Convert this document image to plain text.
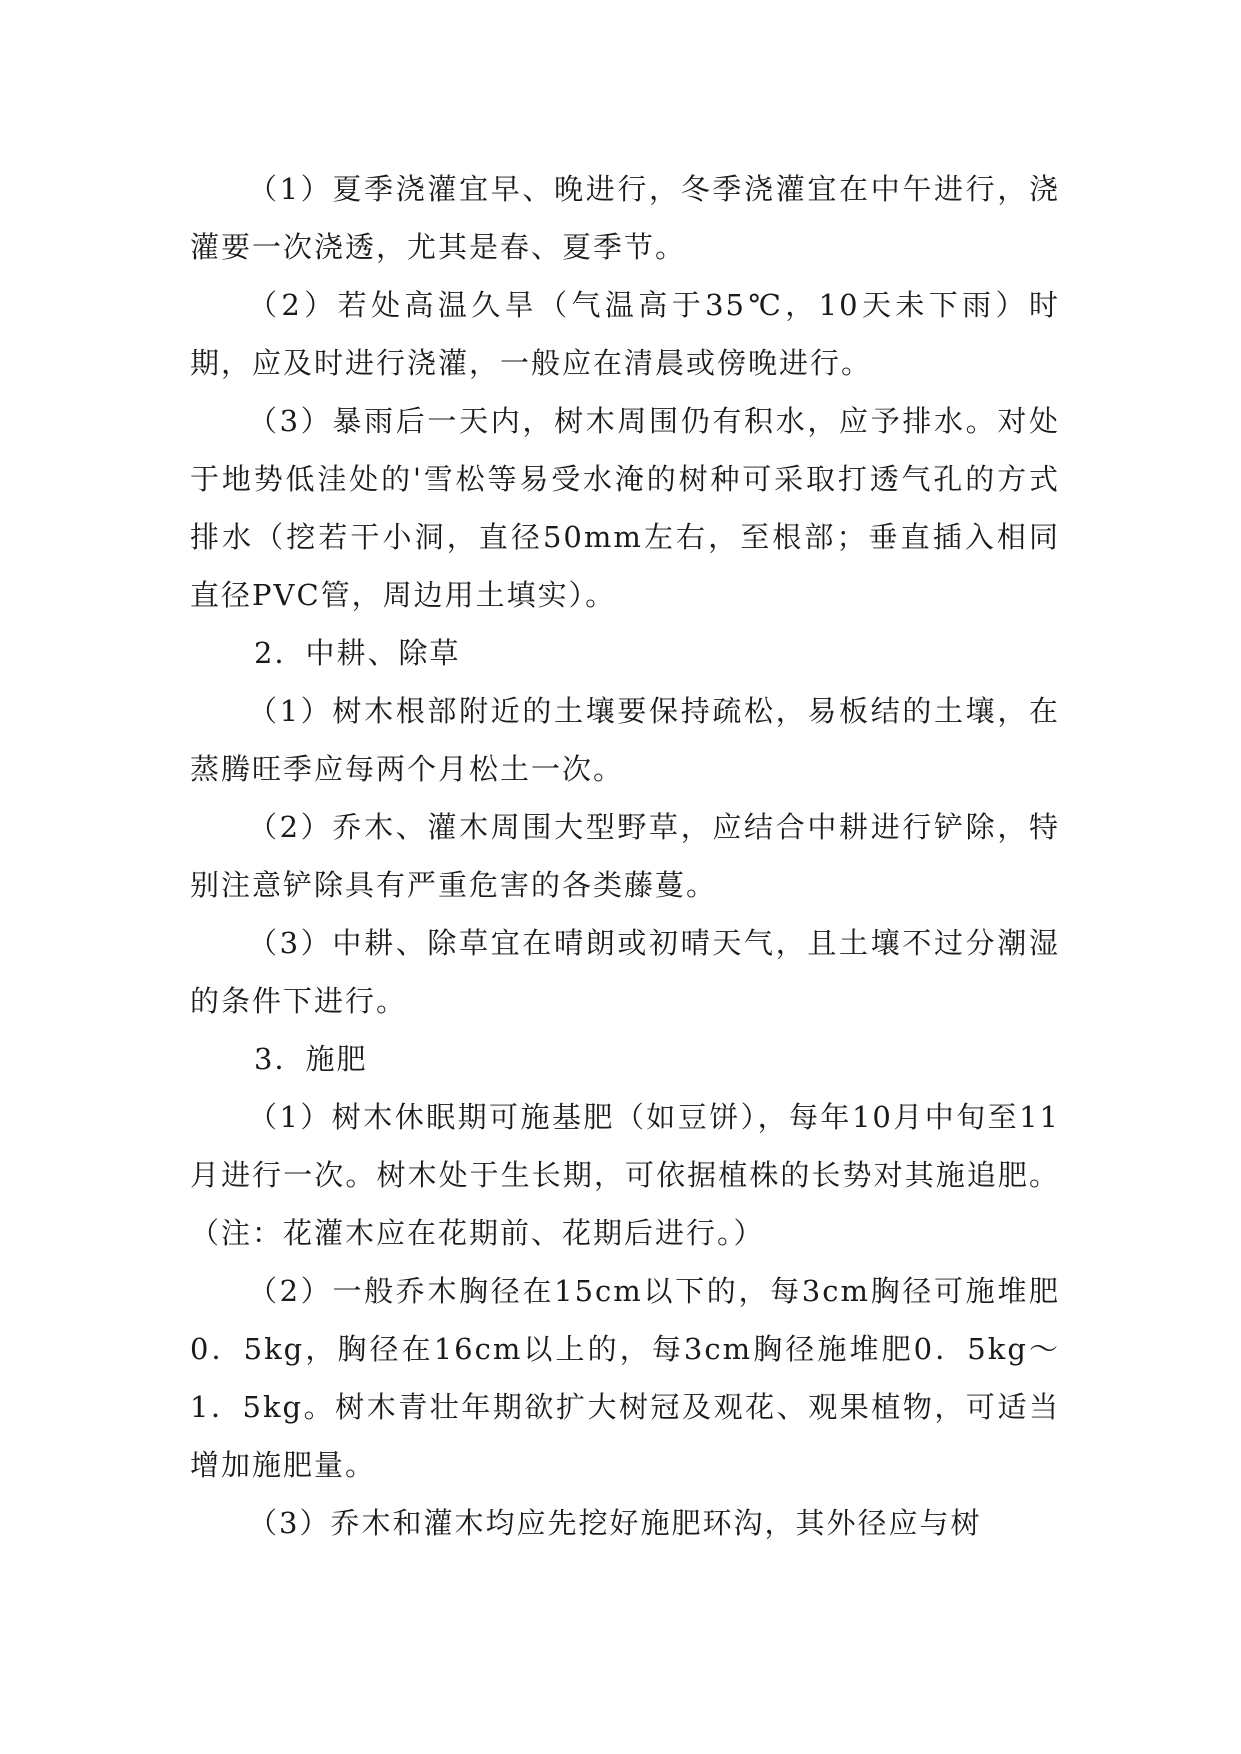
（1）夏季浇灌宜早、晚进行，冬季浇灌宜在中午进行，浇灌要一次浇透，尤其是春、夏季节。

（2）若处高温久旱（气温高于35℃，10天未下雨）时期，应及时进行浇灌，一般应在清晨或傍晚进行。

（3）暴雨后一天内，树木周围仍有积水，应予排水。对处于地势低洼处的'雪松等易受水淹的树种可采取打透气孔的方式排水（挖若干小洞，直径50mm左右，至根部；垂直插入相同直径PVC管，周边用土填实）。

2．中耕、除草

（1）树木根部附近的土壤要保持疏松，易板结的土壤，在蒸腾旺季应每两个月松土一次。

（2）乔木、灌木周围大型野草，应结合中耕进行铲除，特别注意铲除具有严重危害的各类藤蔓。

（3）中耕、除草宜在晴朗或初晴天气，且土壤不过分潮湿的条件下进行。

3．施肥

（1）树木休眠期可施基肥（如豆饼），每年10月中旬至11月进行一次。树木处于生长期，可依据植株的长势对其施追肥。（注：花灌木应在花期前、花期后进行。）

（2）一般乔木胸径在15cm以下的，每3cm胸径可施堆肥0．5kg，胸径在16cm以上的，每3cm胸径施堆肥0．5kg～1．5kg。树木青壮年期欲扩大树冠及观花、观果植物，可适当增加施肥量。

（3）乔木和灌木均应先挖好施肥环沟，其外径应与树
